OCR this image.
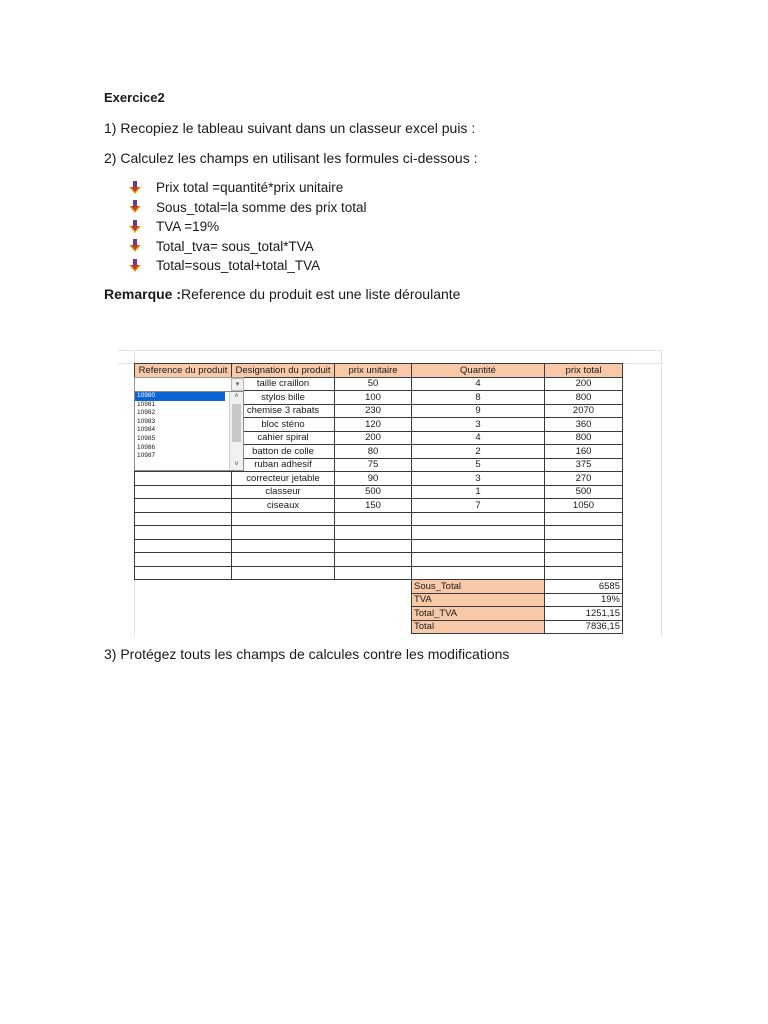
Exercice2
1) Recopiez le tableau suivant dans un classeur excel puis :
2) Calculez les champs en utilisant les formules ci-dessous :
Prix total =quantité*prix unitaire
Sous_total=la somme des prix total
TVA =19%
Total_tva= sous_total*TVA
Total=sous_total+total_TVA
Remarque :Reference du produit est une liste déroulante
Reference du produit	Designation du produit	prix unitaire	Quantité	prix total
	taille craillon	50	4	200
	stylos bille	100	8	800
	chemise 3 rabats	230	9	2070
	bloc sténo	120	3	360
	cahier spiral	200	4	800
	batton de colle	80	2	160
	ruban adhesif	75	5	375
	correcteur jetable	90	3	270
	classeur	500	1	500
	ciseaux	150	7	1050

Sous_Total	6585
TVA	19%
Total_TVA	1251,15
Total	7836,15
▾
10980
10981
10982
10983
10984
10985
10986
10987
˄
˅
3) Protégez touts les champs de calcules contre les modifications
